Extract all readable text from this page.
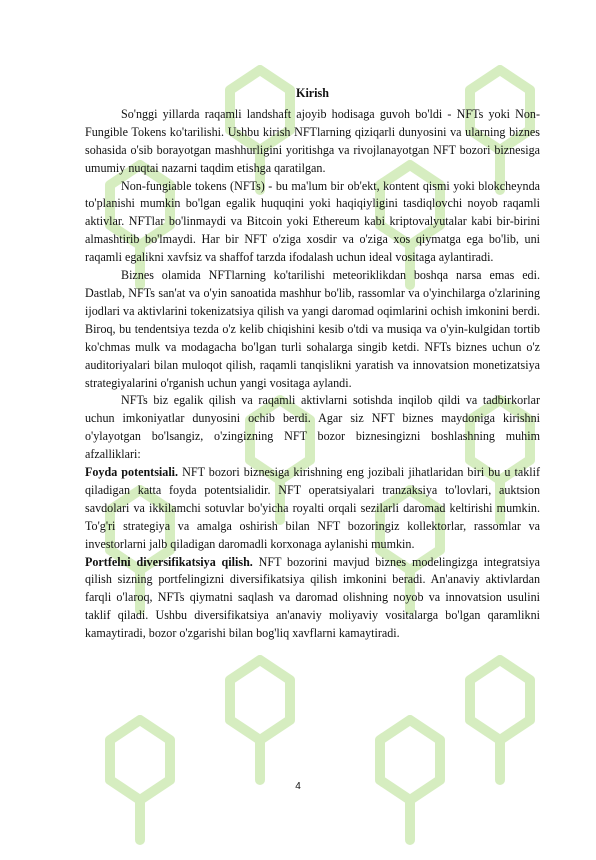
Kirish

So'nggi yillarda raqamli landshaft ajoyib hodisaga guvoh bo'ldi - NFTs yoki Non-Fungible Tokens ko'tarilishi. Ushbu kirish NFTlarning qiziqarli dunyosini va ularning biznes sohasida o'sib borayotgan mashhurligini yoritishga va rivojlanayotgan NFT bozori biznesiga umumiy nuqtai nazarni taqdim etishga qaratilgan.

Non-fungiable tokens (NFTs) - bu ma'lum bir ob'ekt, kontent qismi yoki blokcheynda to'planishi mumkin bo'lgan egalik huquqini yoki haqiqiyligini tasdiqlovchi noyob raqamli aktivlar. NFTlar bo'linmaydi va Bitcoin yoki Ethereum kabi kriptovalyutalar kabi bir-birini almashtirib bo'lmaydi. Har bir NFT o'ziga xosdir va o'ziga xos qiymatga ega bo'lib, uni raqamli egalikni xavfsiz va shaffof tarzda ifodalash uchun ideal vositaga aylantiradi.

Biznes olamida NFTlarning ko'tarilishi meteoriklikdan boshqa narsa emas edi. Dastlab, NFTs san'at va o'yin sanoatida mashhur bo'lib, rassomlar va o'yinchilarga o'zlarining ijodlari va aktivlarini tokenizatsiya qilish va yangi daromad oqimlarini ochish imkonini berdi. Biroq, bu tendentsiya tezda o'z kelib chiqishini kesib o'tdi va musiqa va o'yin-kulgidan tortib ko'chmas mulk va modagacha bo'lgan turli sohalarga singib ketdi. NFTs biznes uchun o'z auditoriyalari bilan muloqot qilish, raqamli tanqislikni yaratish va innovatsion monetizatsiya strategiyalarini o'rganish uchun yangi vositaga aylandi.

NFTs biz egalik qilish va raqamli aktivlarni sotishda inqilob qildi va tadbirkorlar uchun imkoniyatlar dunyosini ochib berdi. Agar siz NFT biznes maydoniga kirishni o'ylayotgan bo'lsangiz, o'zingizning NFT bozor biznesingizni boshlashning muhim afzalliklari:

Foyda potentsiali. NFT bozori biznesiga kirishning eng jozibali jihatlaridan biri bu u taklif qiladigan katta foyda potentsialidir. NFT operatsiyalari tranzaksiya to'lovlari, auktsion savdolari va ikkilamchi sotuvlar bo'yicha royalti orqali sezilarli daromad keltirishi mumkin. To'g'ri strategiya va amalga oshirish bilan NFT bozoringiz kollektorlar, rassomlar va investorlarni jalb qiladigan daromadli korxonaga aylanishi mumkin.

Portfelni diversifikatsiya qilish. NFT bozorini mavjud biznes modelingizga integratsiya qilish sizning portfelingizni diversifikatsiya qilish imkonini beradi. An'anaviy aktivlardan farqli o'laroq, NFTs qiymatni saqlash va daromad olishning noyob va innovatsion usulini taklif qiladi. Ushbu diversifikatsiya an'anaviy moliyaviy vositalarga bo'lgan qaramlikni kamaytiradi, bozor o'zgarishi bilan bog'liq xavflarni kamaytiradi.

4
